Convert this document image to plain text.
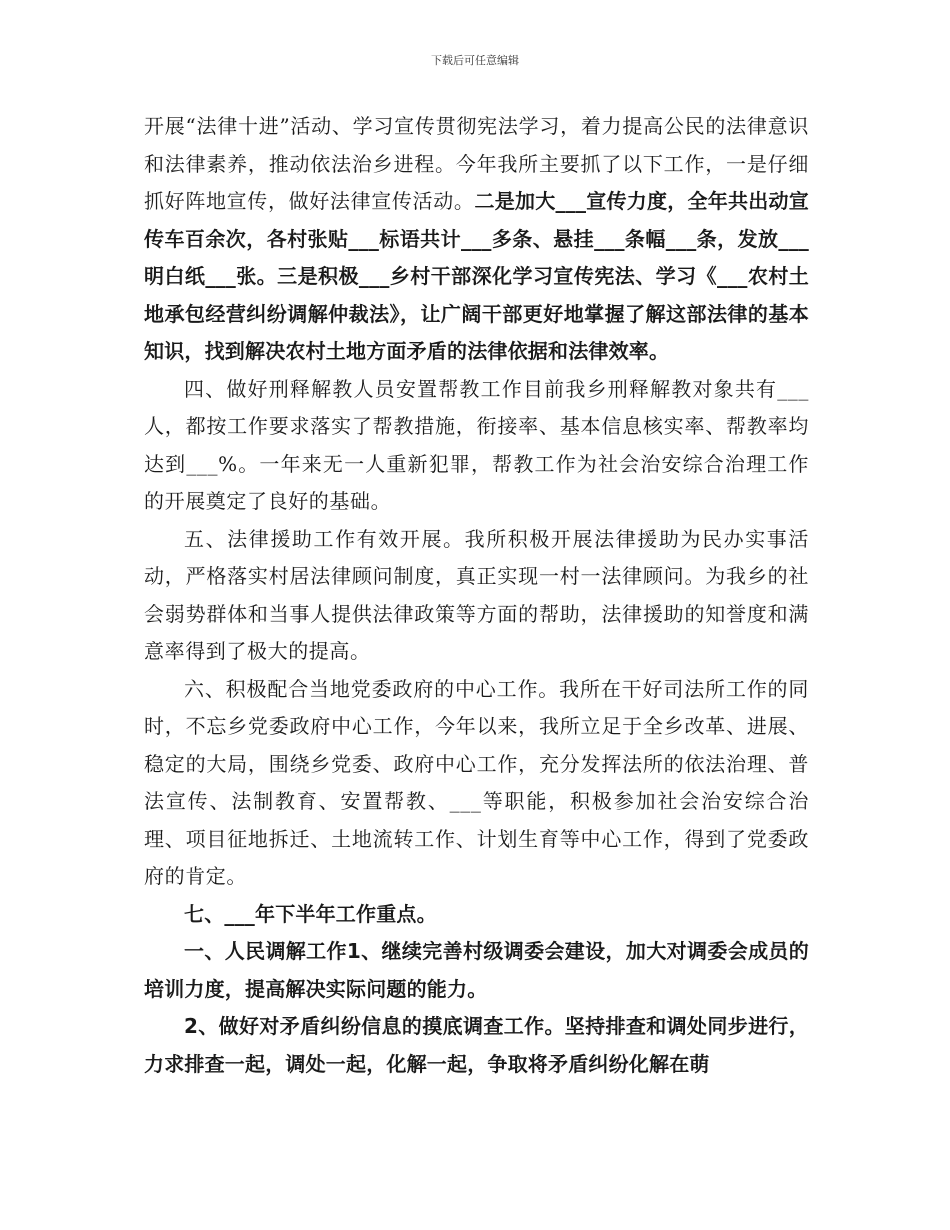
下载后可任意编辑

开展“法律十进”活动、学习宣传贯彻宪法学习，着力提高公民的法律意识和法律素养，推动依法治乡进程。今年我所主要抓了以下工作，一是仔细抓好阵地宣传，做好法律宣传活动。二是加大___宣传力度，全年共出动宣传车百余次，各村张贴___标语共计___多条、悬挂___条幅___条，发放___明白纸___张。三是积极___乡村干部深化学习宣传宪法、学习《___农村土地承包经营纠纷调解仲裁法》，让广阔干部更好地掌握了解这部法律的基本知识，找到解决农村土地方面矛盾的法律依据和法律效率。

四、做好刑释解教人员安置帮教工作目前我乡刑释解教对象共有___人，都按工作要求落实了帮教措施，衔接率、基本信息核实率、帮教率均达到___%。一年来无一人重新犯罪，帮教工作为社会治安综合治理工作的开展奠定了良好的基础。

五、法律援助工作有效开展。我所积极开展法律援助为民办实事活动，严格落实村居法律顾问制度，真正实现一村一法律顾问。为我乡的社会弱势群体和当事人提供法律政策等方面的帮助，法律援助的知誉度和满意率得到了极大的提高。

六、积极配合当地党委政府的中心工作。我所在干好司法所工作的同时，不忘乡党委政府中心工作，今年以来，我所立足于全乡改革、进展、稳定的大局，围绕乡党委、政府中心工作，充分发挥法所的依法治理、普法宣传、法制教育、安置帮教、___等职能，积极参加社会治安综合治理、项目征地拆迁、土地流转工作、计划生育等中心工作，得到了党委政府的肯定。

七、___年下半年工作重点。

一、人民调解工作1、继续完善村级调委会建设，加大对调委会成员的培训力度，提高解决实际问题的能力。

2、做好对矛盾纠纷信息的摸底调查工作。坚持排查和调处同步进行，力求排查一起，调处一起，化解一起，争取将矛盾纠纷化解在萌
